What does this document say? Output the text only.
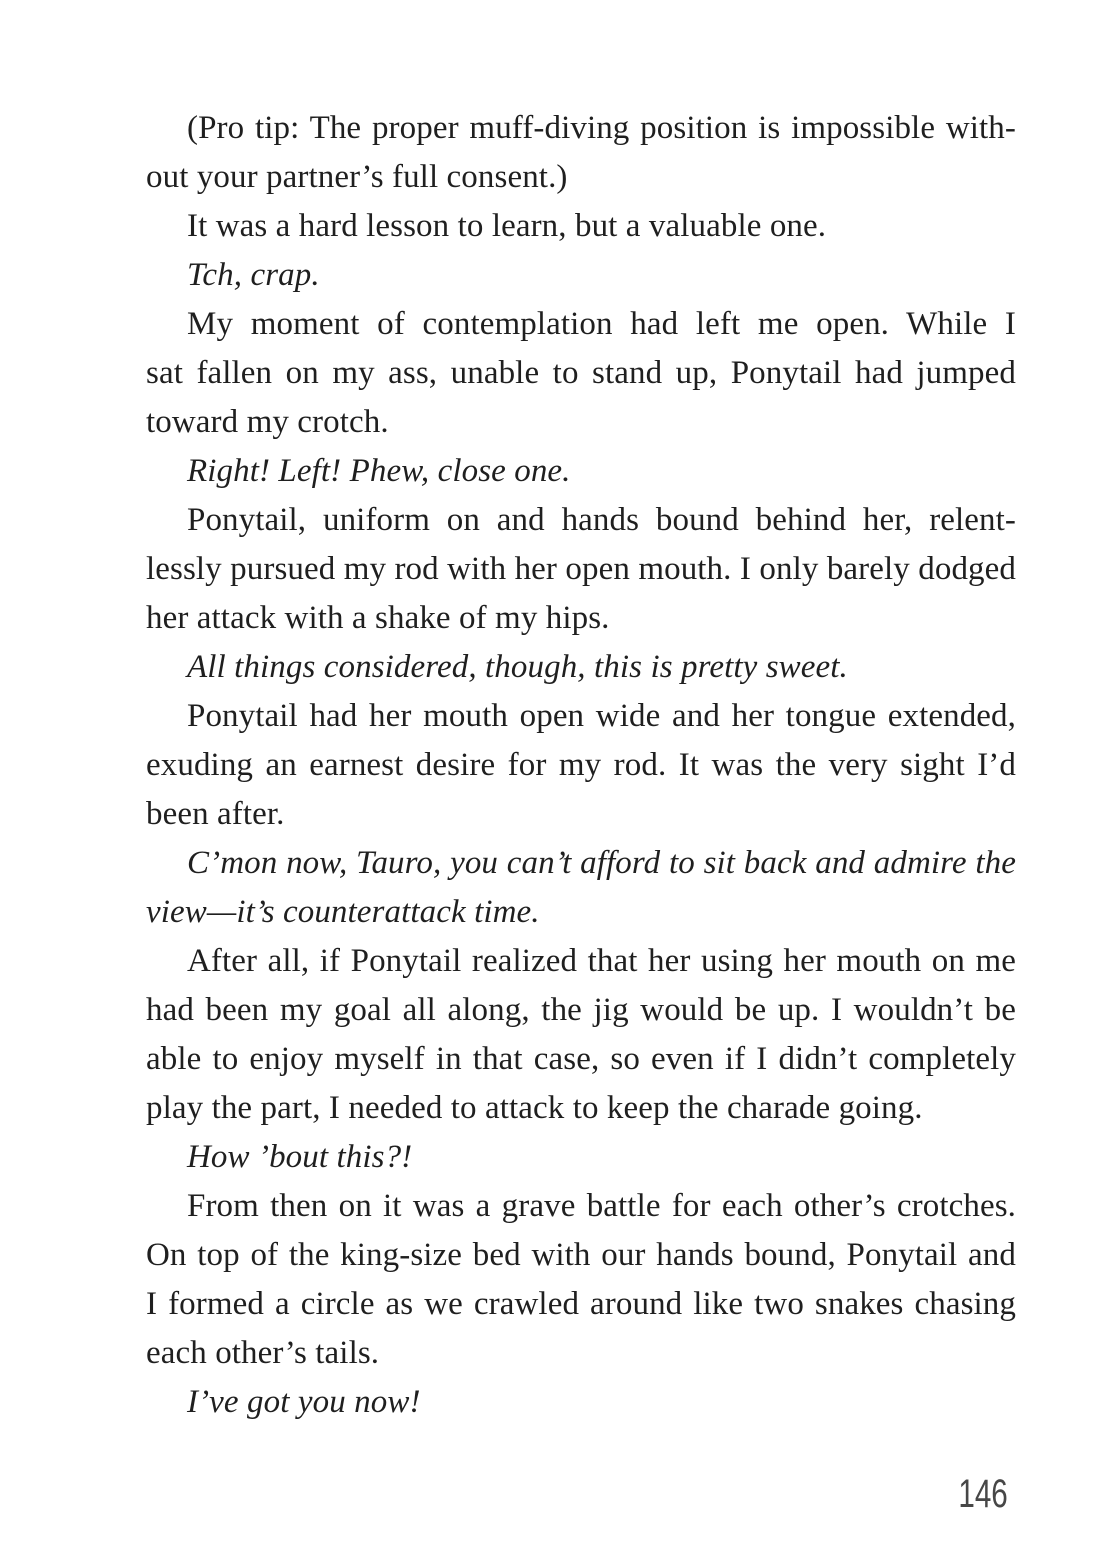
(Pro tip: The proper muff-diving position is impossible with-
out your partner’s full consent.)
It was a hard lesson to learn, but a valuable one.
Tch, crap.
My moment of contemplation had left me open. While I
sat fallen on my ass, unable to stand up, Ponytail had jumped
toward my crotch.
Right! Left! Phew, close one.
Ponytail, uniform on and hands bound behind her, relent-
lessly pursued my rod with her open mouth. I only barely dodged
her attack with a shake of my hips.
All things considered, though, this is pretty sweet.
Ponytail had her mouth open wide and her tongue extended,
exuding an earnest desire for my rod. It was the very sight I’d
been after.
C’mon now, Tauro, you can’t afford to sit back and admire the
view—it’s counterattack time.
After all, if Ponytail realized that her using her mouth on me
had been my goal all along, the jig would be up. I wouldn’t be
able to enjoy myself in that case, so even if I didn’t completely
play the part, I needed to attack to keep the charade going.
How ’bout this?!
From then on it was a grave battle for each other’s crotches.
On top of the king-size bed with our hands bound, Ponytail and
I formed a circle as we crawled around like two snakes chasing
each other’s tails.
I’ve got you now!
146
